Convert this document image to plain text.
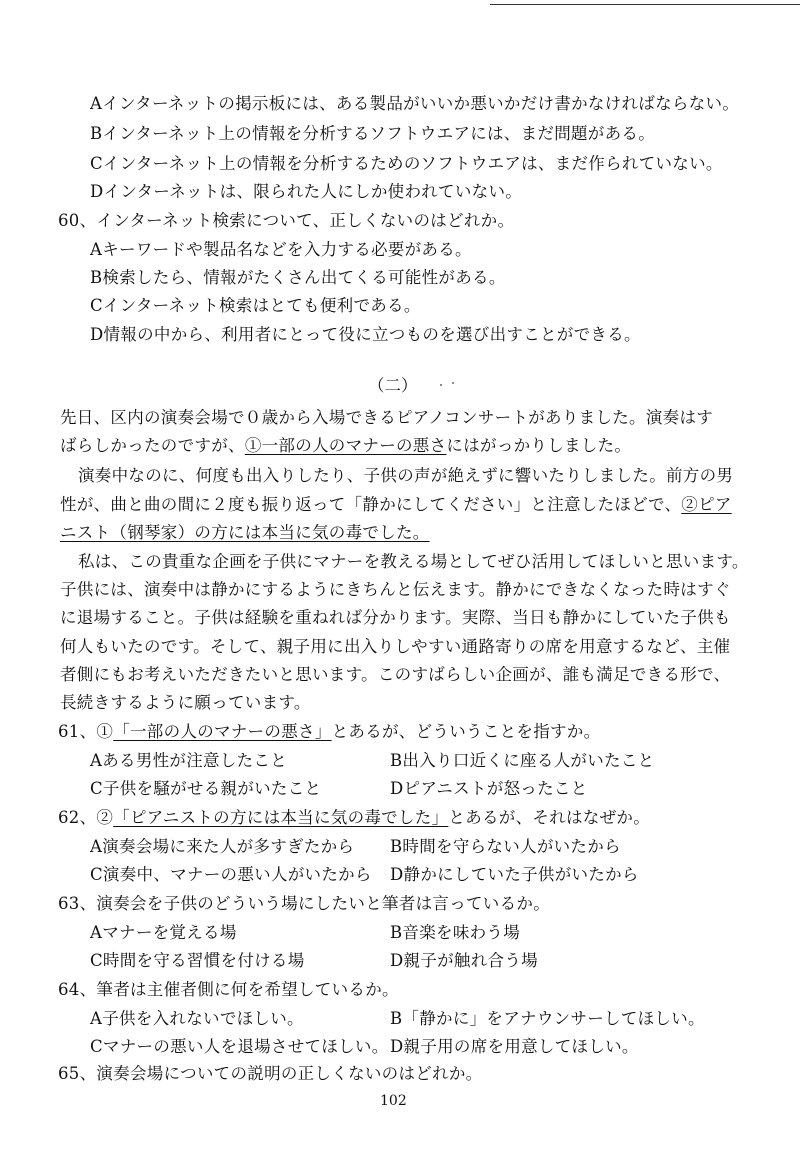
Aインターネットの掲示板には、ある製品がいいか悪いかだけ書かなければならない。
Bインターネット上の情報を分析するソフトウエアには、まだ問題がある。
Cインターネット上の情報を分析するためのソフトウエアは、まだ作られていない。
Dインターネットは、限られた人にしか使われていない。
60、インターネット検索について、正しくないのはどれか。
Aキーワードや製品名などを入力する必要がある。
B検索したら、情報がたくさん出てくる可能性がある。
Cインターネット検索はとても便利である。
D情報の中から、利用者にとって役に立つものを選び出すことができる。
（二）
先日、区内の演奏会場で０歳から入場できるピアノコンサートがありました。演奏はす
ばらしかったのですが、①一部の人のマナーの悪さにはがっかりしました。
演奏中なのに、何度も出入りしたり、子供の声が絶えずに響いたりしました。前方の男
性が、曲と曲の間に２度も振り返って「静かにしてください」と注意したほどで、②ピア
ニスト（钢琴家）の方には本当に気の毒でした。
私は、この貴重な企画を子供にマナーを教える場としてぜひ活用してほしいと思います。
子供には、演奏中は静かにするようにきちんと伝えます。静かにできなくなった時はすぐ
に退場すること。子供は経験を重ねれば分かります。実際、当日も静かにしていた子供も
何人もいたのです。そして、親子用に出入りしやすい通路寄りの席を用意するなど、主催
者側にもお考えいただきたいと思います。このすばらしい企画が、誰も満足できる形で、
長続きするように願っています。
61、①「一部の人のマナーの悪さ」とあるが、どういうことを指すか。
Aある男性が注意したこと	B出入り口近くに座る人がいたこと
C子供を騒がせる親がいたこと	Dピアニストが怒ったこと
62、②「ピアニストの方には本当に気の毒でした」とあるが、それはなぜか。
A演奏会場に来た人が多すぎたから B時間を守らない人がいたから
C演奏中、マナーの悪い人がいたから D静かにしていた子供がいたから
63、演奏会を子供のどういう場にしたいと筆者は言っているか。
Aマナーを覚える場	B音楽を味わう場
C時間を守る習慣を付ける場	D親子が触れ合う場
64、筆者は主催者側に何を希望しているか。
A子供を入れないでほしい。	B「静かに」をアナウンサーしてほしい。
Cマナーの悪い人を退場させてほしい。 D親子用の席を用意してほしい。
65、演奏会場についての説明の正しくないのはどれか。
102
